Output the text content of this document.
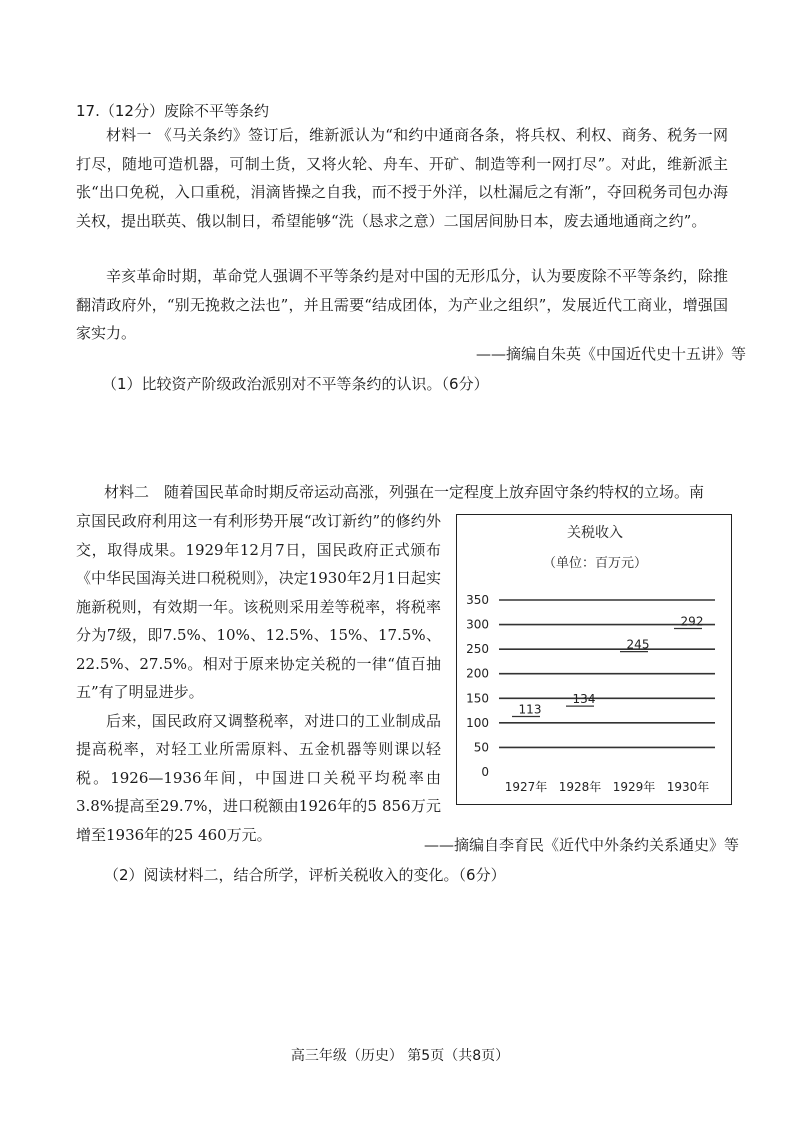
17.（12分）废除不平等条约
材料一 《马关条约》签订后，维新派认为“和约中通商各条，将兵权、利权、商务、税务一网打尽，随地可造机器，可制土货，又将火轮、舟车、开矿、制造等利一网打尽”。对此，维新派主张“出口免税，入口重税，涓滴皆操之自我，而不授于外洋，以杜漏卮之有渐”，夺回税务司包办海关权，提出联英、俄以制日，希望能够“洗（恳求之意）二国居间胁日本，废去通地通商之约”。
辛亥革命时期，革命党人强调不平等条约是对中国的无形瓜分，认为要废除不平等条约，除推翻清政府外，“别无挽救之法也”，并且需要“结成团体，为产业之组织”，发展近代工商业，增强国家实力。
——摘编自朱英《中国近代史十五讲》等
（1）比较资产阶级政治派别对不平等条约的认识。（6分）
材料二　随着国民革命时期反帝运动高涨，列强在一定程度上放弃固守条约特权的立场。南

京国民政府利用这一有利形势开展“改订新约”的修约外交，取得成果。1929年12月7日，国民政府正式颁布《中华民国海关进口税税则》，决定1930年2月1日起实施新税则，有效期一年。该税则采用差等税率，将税率分为7级，即7.5%、10%、12.5%、15%、17.5%、22.5%、27.5%。相对于原来协定关税的一律“值百抽五”有了明显进步。

后来，国民政府又调整税率，对进口的工业制成品提高税率，对轻工业所需原料、五金机器等则课以轻税。1926—1936年间，中国进口关税平均税率由3.8%提高至29.7%，进口税额由1926年的5 856万元增至1936年的25 460万元。

关税收入
（单位：百万元）
0
50
100
150
200
250
300
350
1927年 1928年 1929年 1930年
113
134
245
292
——摘编自李育民《近代中外条约关系通史》等
（2）阅读材料二，结合所学，评析关税收入的变化。（6分）
高三年级（历史） 第5页（共8页）
